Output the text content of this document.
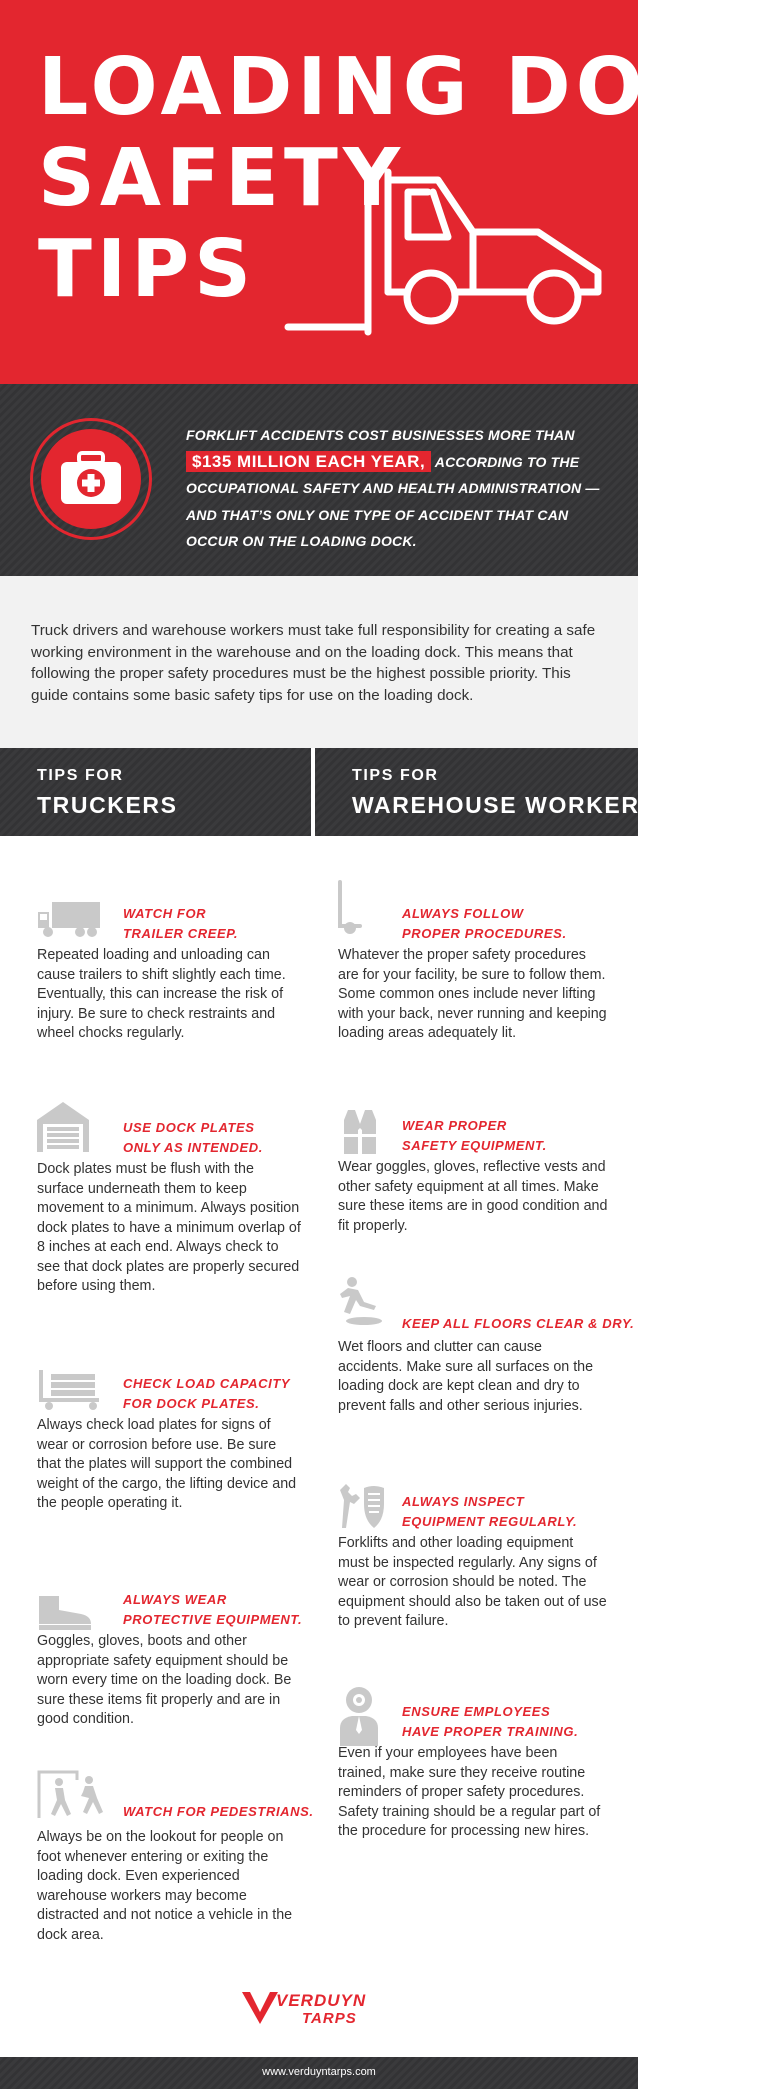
LOADING DOCK
SAFETY
TIPS
FORKLIFT ACCIDENTS COST BUSINESSES MORE THAN
$135 MILLION EACH YEAR, ACCORDING TO THE
OCCUPATIONAL SAFETY AND HEALTH ADMINISTRATION —
AND THAT’S ONLY ONE TYPE OF ACCIDENT THAT CAN
OCCUR ON THE LOADING DOCK.

Truck drivers and warehouse workers must take full responsibility for creating a safe working environment in the warehouse and on the loading dock. This means that following the proper safety procedures must be the highest possible priority. This guide contains some basic safety tips for use on the loading dock.

TIPS FOR
TRUCKERS
TIPS FOR
WAREHOUSE WORKERS
WATCH FOR
TRAILER CREEP.

Repeated loading and unloading can cause trailers to shift slightly each time. Eventually, this can increase the risk of injury. Be sure to check restraints and wheel chocks regularly.

USE DOCK PLATES
ONLY AS INTENDED.

Dock plates must be flush with the surface underneath them to keep movement to a minimum. Always position dock plates to have a minimum overlap of 8 inches at each end. Always check to see that dock plates are properly secured before using them.

CHECK LOAD CAPACITY
FOR DOCK PLATES.

Always check load plates for signs of wear or corrosion before use. Be sure that the plates will support the combined weight of the cargo, the lifting device and the people operating it.

ALWAYS WEAR
PROTECTIVE EQUIPMENT.

Goggles, gloves, boots and other appropriate safety equipment should be worn every time on the loading dock. Be sure these items fit properly and are in good condition.

WATCH FOR PEDESTRIANS.

Always be on the lookout for people on foot whenever entering or exiting the loading dock. Even experienced warehouse workers may become distracted and not notice a vehicle in the dock area.

ALWAYS FOLLOW
PROPER PROCEDURES.

Whatever the proper safety procedures are for your facility, be sure to follow them. Some common ones include never lifting with your back, never running and keeping loading areas adequately lit.

WEAR PROPER
SAFETY EQUIPMENT.

Wear goggles, gloves, reflective vests and other safety equipment at all times. Make sure these items are in good condition and fit properly.

KEEP ALL FLOORS CLEAR & DRY.

Wet floors and clutter can cause accidents. Make sure all surfaces on the loading dock are kept clean and dry to prevent falls and other serious injuries.

ALWAYS INSPECT
EQUIPMENT REGULARLY.

Forklifts and other loading equipment must be inspected regularly. Any signs of wear or corrosion should be noted. The equipment should also be taken out of use to prevent failure.

ENSURE EMPLOYEES
HAVE PROPER TRAINING.

Even if your employees have been trained, make sure they receive routine reminders of proper safety procedures. Safety training should be a regular part of the procedure for processing new hires.

VERDUYN
TARPS
www.verduyntarps.com
